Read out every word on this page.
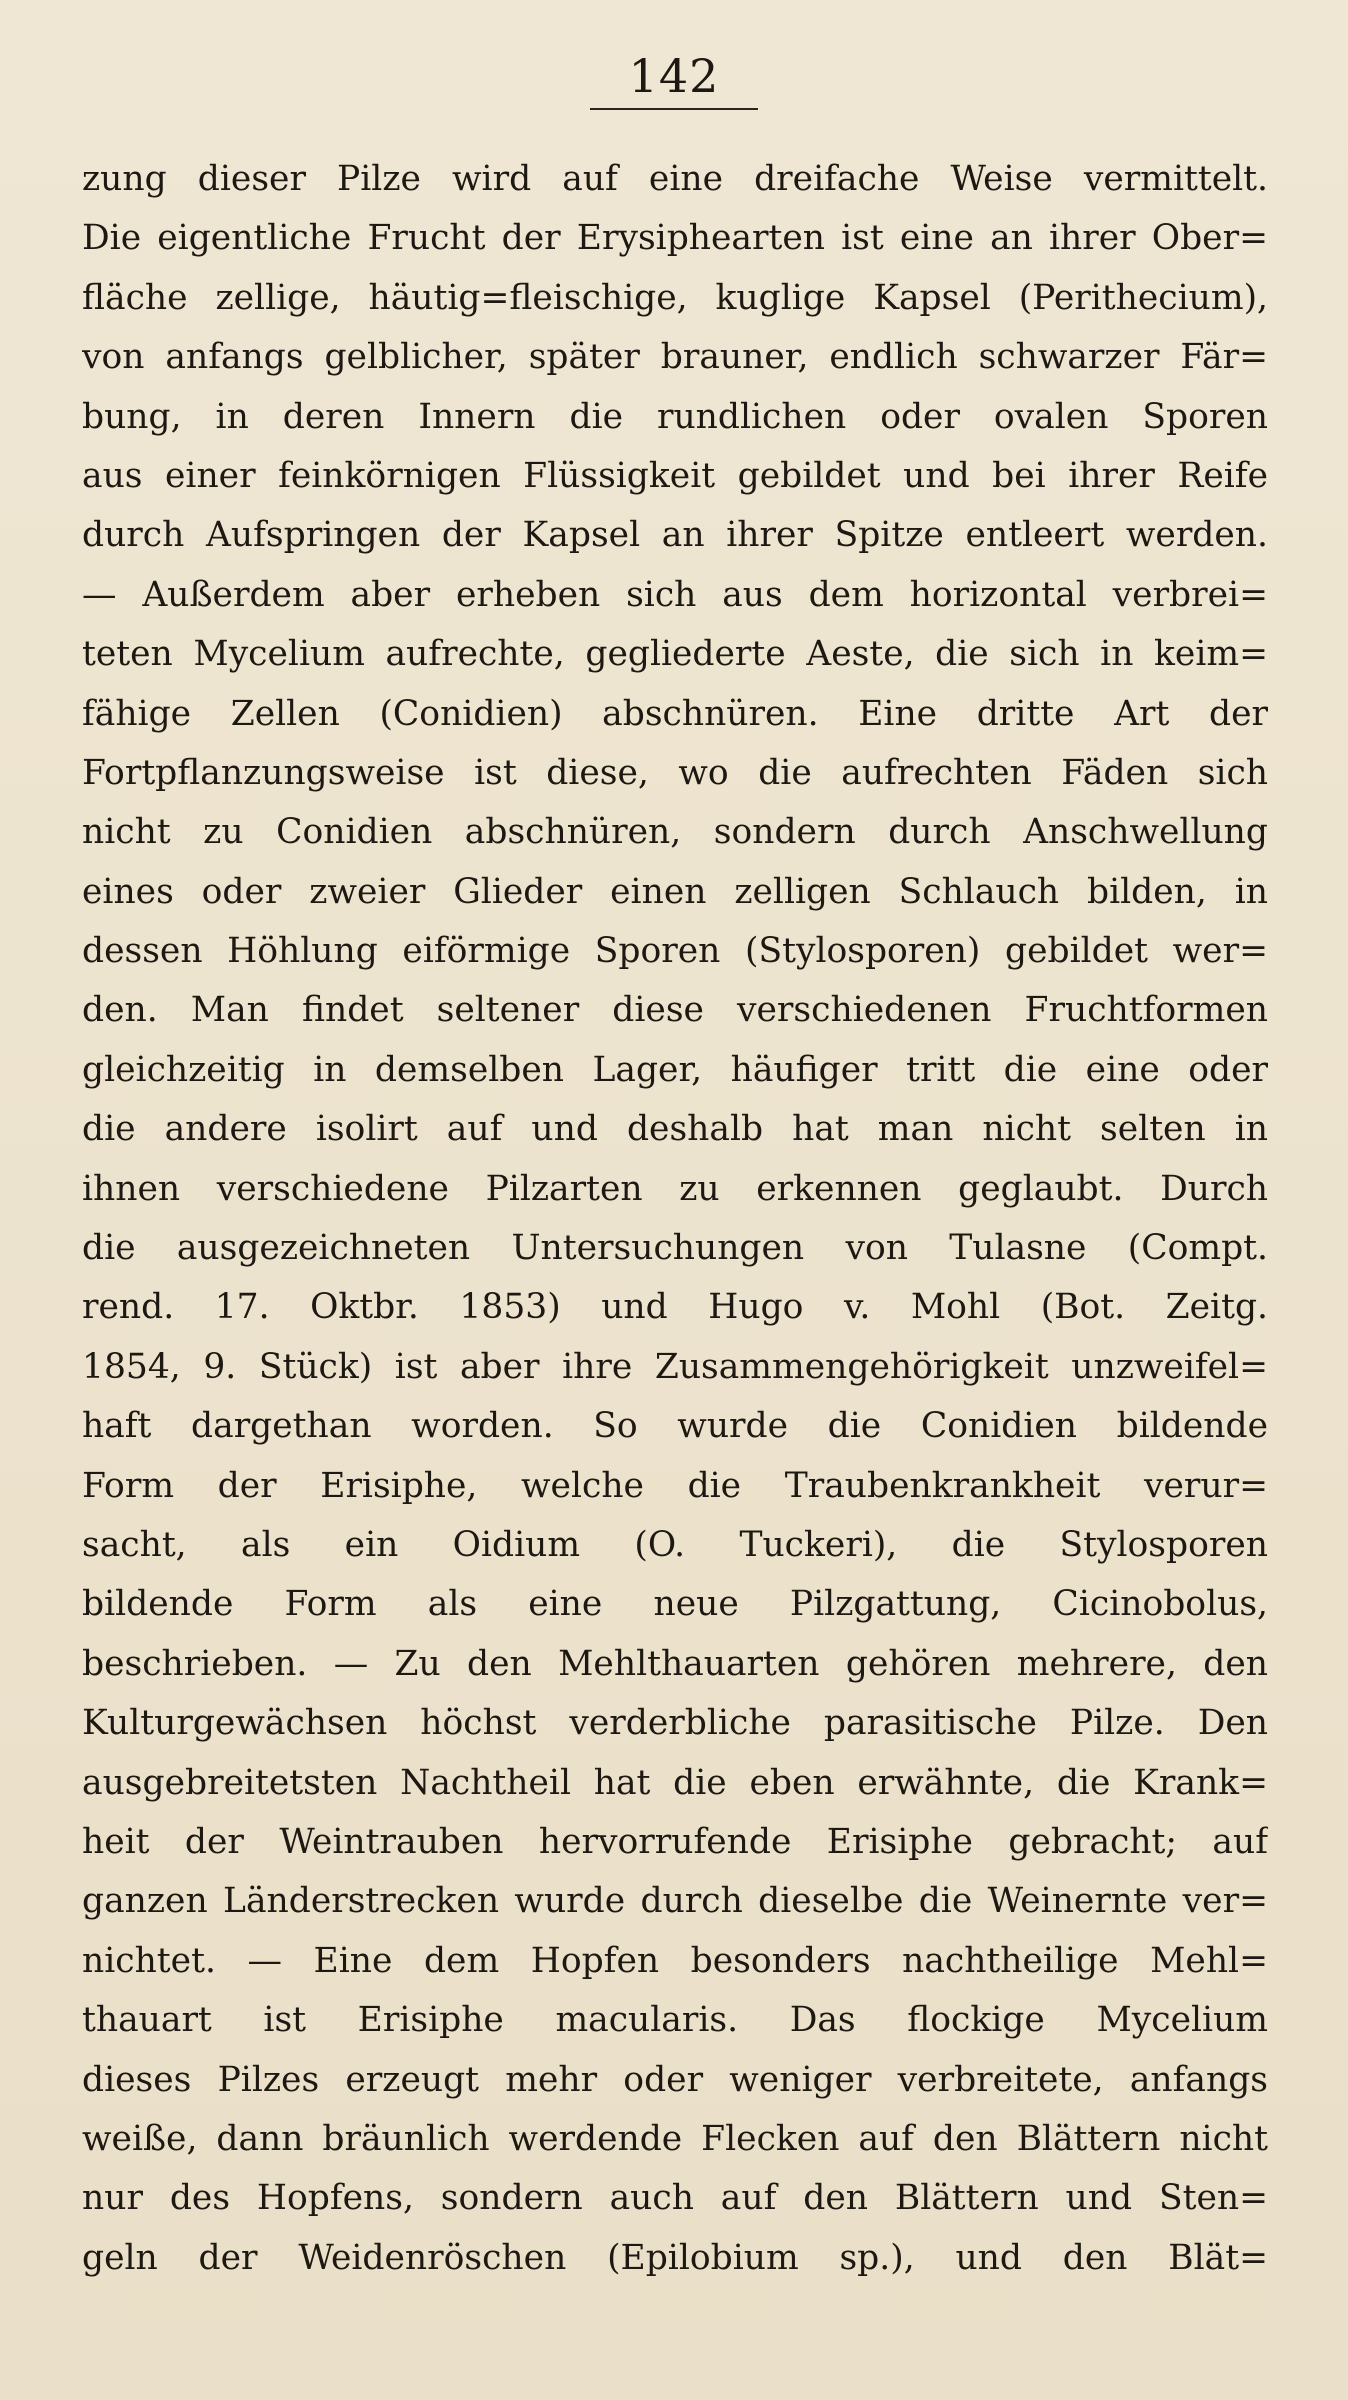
142
zung dieser Pilze wird auf eine dreifache Weise vermittelt.
Die eigentliche Frucht der Erysiphearten ist eine an ihrer Ober=
fläche zellige, häutig=fleischige, kuglige Kapsel (Perithecium),
von anfangs gelblicher, später brauner, endlich schwarzer Fär=
bung, in deren Innern die rundlichen oder ovalen Sporen
aus einer feinkörnigen Flüssigkeit gebildet und bei ihrer Reife
durch Aufspringen der Kapsel an ihrer Spitze entleert werden.
— Außerdem aber erheben sich aus dem horizontal verbrei=
teten Mycelium aufrechte, gegliederte Aeste, die sich in keim=
fähige Zellen (Conidien) abschnüren. Eine dritte Art der
Fortpflanzungsweise ist diese, wo die aufrechten Fäden sich
nicht zu Conidien abschnüren, sondern durch Anschwellung
eines oder zweier Glieder einen zelligen Schlauch bilden, in
dessen Höhlung eiförmige Sporen (Stylosporen) gebildet wer=
den. Man findet seltener diese verschiedenen Fruchtformen
gleichzeitig in demselben Lager, häufiger tritt die eine oder
die andere isolirt auf und deshalb hat man nicht selten in
ihnen verschiedene Pilzarten zu erkennen geglaubt. Durch
die ausgezeichneten Untersuchungen von Tulasne (Compt.
rend. 17. Oktbr. 1853) und Hugo v. Mohl (Bot. Zeitg.
1854, 9. Stück) ist aber ihre Zusammengehörigkeit unzweifel=
haft dargethan worden. So wurde die Conidien bildende
Form der Erisiphe, welche die Traubenkrankheit verur=
sacht, als ein Oidium (O. Tuckeri), die Stylosporen
bildende Form als eine neue Pilzgattung, Cicinobolus,
beschrieben. — Zu den Mehlthauarten gehören mehrere, den
Kulturgewächsen höchst verderbliche parasitische Pilze. Den
ausgebreitetsten Nachtheil hat die eben erwähnte, die Krank=
heit der Weintrauben hervorrufende Erisiphe gebracht; auf
ganzen Länderstrecken wurde durch dieselbe die Weinernte ver=
nichtet. — Eine dem Hopfen besonders nachtheilige Mehl=
thauart ist Erisiphe macularis. Das flockige Mycelium
dieses Pilzes erzeugt mehr oder weniger verbreitete, anfangs
weiße, dann bräunlich werdende Flecken auf den Blättern nicht
nur des Hopfens, sondern auch auf den Blättern und Sten=
geln der Weidenröschen (Epilobium sp.), und den Blät=
